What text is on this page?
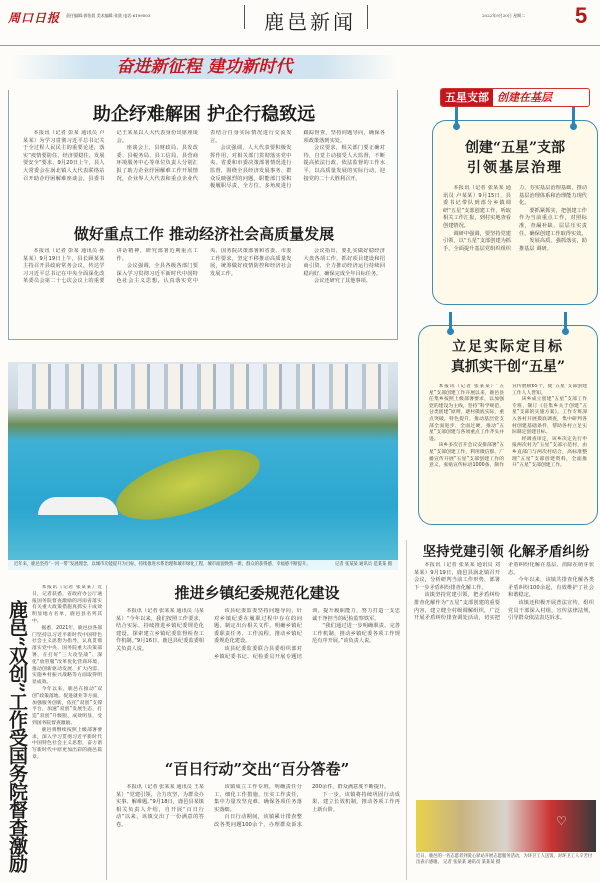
周口日报 责任编辑:郭怡晨 美术编辑:张贤 电话:6199503	鹿邑新闻	2022年9月20日 星期二 5
奋进新征程 建功新时代
助企纾难解困 护企行稳致远

本报讯（记者 彭某 通讯员 卢某某）为学习贯彻习近平总书记关于全过程人民民主的重要论述，落实“疫情要防住、经济要稳住、发展要安全”要求，9月20日上午，县人大常委会在涡北镇人大代表联络站召开助企纾困解难座谈会，县委书记王某某以人大代表身份出席座谈会。

座谈会上，县财政局、县发改委、县税务局、县工信局、县营商环境服务中心等单位负责人分别汇报了助力企业纾困解难工作开展情况，企业界人大代表和重点企业代表结合自身实际情况进行交流发言。

会议强调，人大代表要积极发挥作用，对相关部门贯彻落实党中央、省委和市委决策部署情况进行监督，围绕全县经济发展事务、群众反映强烈的问题，职能部门要积极履职尽责，全方位、多角度进行跟踪督查，坚持问题导向，确保各项政策落到实处。

会议要求，相关部门要正确对待，自觉主动接受人大监督，不断提高依法行政、依法监督的工作水平，以高质量发展的实际行动，迎接党的二十大胜利召开。

做好重点工作 推动经济社会高质量发展

本报讯（记者 彭某 通讯员 孙某某）9月19日上午，县长顾某某主持召开县政府常务会议，传达学习习近平总书记在中央全面深化改革委员会第二十七次会议上的重要讲话精神，研究部署近期重点工作。

会议强调，全县各级各部门要深入学习贯彻习近平新时代中国特色社会主义思想，认真落实党中央、国务院决策部署和省委、市委工作要求，坚定不移推动高质量发展，统筹做好疫情防控和经济社会发展工作。

会议指出，要扎实做好稳经济大盘各项工作，抓好项目建设和招商引资，全力推动经济运行持续回稳向好，确保完成全年目标任务。

会议还研究了其他事项。

近年来，鹿邑坚持“一河一带”发展理念，以城市功能提升为目标，持续推进水系治理和城市绿化工程，城市面貌焕然一新，群众的获得感、幸福感不断提升。	记者 张某某 通讯员 范某某 摄
五星支部 创建在基层
创建“五星”支部
引领基层治理

本报讯（记者 张某某 通讯员 卢某某）9月15日，县委书记带队到部分乡镇调研“五星”支部创建工作，听取相关工作汇报，到村实地查看创建情况。

调研中强调，要坚持党建引领，以“五星”支部创建为抓手，全面提升基层党组织组织力，夯实基层治理基础，推动基层治理体系和治理能力现代化。

要抓紧抓实，把创建工作作为当前重点工作，对照标准，查漏补缺，层层压实责任，确保创建工作取得实效。

发展高质，强抓落实，助推基层 调研。

立足实际定目标
真抓实干创“五星”

本报讯（记者 张某某）“五星”支部创建工作开展以来，鹿邑县任集乡按照上级部署要求，以加强党的建设为主线，坚持“科学规范、分类创建”原则，逐村摸底实际，重点突破，特色提升，推动基层党支部全面进步、全面过硬，推动“五星”支部创建与各项重点工作齐头并进。

该乡多次召开会议安排部署“五星”支部创建工作，利用微信群、广播宣传开展“五星”支部创建工作的意义，张贴宣传标语1000条，制作宣传展板65个，使“五星”支部创建工作人人皆知。

该乡成立创建“五星”支部工作专班，制订《任集乡关于创建“五星”支部的实施方案》。工作专班深入各村开展摸底调查，集中研判各村创建基础条件，帮助各村立足实际制定创建目标。

经调查审定，该乡决定先行申报两次村为“五星”支部示范村，由乡直部门与两次村结合，高标准整理“五星”支部创建资料，全面推开“五星”支部创建工作。

坚持党建引领 化解矛盾纠纷

本报讯（记者 张某某 通讯员 刘某某）9月19日，鹿邑县涡北镇召开会议，分析研判当前工作形势，部署下一步矛盾纠纷排查化解工作。

该镇坚持党建引领，把矛盾纠纷排查化解作为“五星”支部创建的重要内容，建立健全村级调解组织，广泛开展矛盾纠纷排查调处活动，切实把矛盾纠纷化解在基层、消除在萌芽状态。

今年以来，该镇共排查化解各类矛盾纠纷100余起，有效维护了社会和谐稳定。

该镇还积极开展普法宣传，组织党员干部深入村组，宣传法律法规，引导群众依法表达诉求。

♡
近日，鹿邑的一名志愿者到爱心驿站开展志愿服务活动，为环卫工人送饭，对环卫工人辛苦付出表示感谢。 记者 张某某 通讯员 某某某 摄
鹿邑“双创”工作受国务院督查激励

本报讯（记者 张某某）近日，记者获悉，省政府办公厅通报国务院督查激励的河南省落实有关重大政策措施真抓实干成效明显地方名单，鹿邑县名列其中。

据悉，2021年，鹿邑县各部门坚持以习近平新时代中国特色社会主义思想为指导，认真贯彻落实党中央、国务院重大决策部署，在打好“三大攻坚战”、深化“放管服”改革优化营商环境、推动创新驱动发展、扩大内需、实施乡村振兴战略等方面取得明显成效。

今年以来，鹿邑在推动“双创”政策落地、促进就业等方面，加强服务创新，依托“双创”支撑平台，加速“双创”发展生态，打造“双创”升级版，成效明显，受到国务院督查激励。

鹿邑将继续按照上级部署要求，深入学习贯彻习近平新时代中国特色社会主义思想，奋力谱写新时代中原更加出彩的鹿邑篇章。

推进乡镇纪委规范化建设

本报讯（记者 张某某 通讯员 马某某）“今年以来，我们按照工作要求，结合实际，持续推进乡镇纪委规范化建设，探索建立乡镇纪委监督检查工作机制。”9月16日，鹿邑县纪委监委相关负责人说。

该县纪委监委坚持问题导向，针对乡镇纪委在履职过程中存在的问题，制定出台相关文件，明确乡镇纪委职责任务、工作流程，推动乡镇纪委规范化建设。

该县纪委监委联合县委组织部对乡镇纪委书记、纪检委员开展专题培训，提升履职能力，努力打造一支忠诚干净担当的纪检监察铁军。

“我们通过进一步明确职责，完善工作机制，推动乡镇纪委各项工作规范有序开展。”该负责人说。

“百日行动”交出“百分答卷”

本报讯（记者 张某某 通讯员 王某某）“党建引领，合力攻坚，为群众办实事、解难题。”9月18日，鹿邑县某镇相关负责人介绍，自开展“百日行动”以来，该镇交出了一份满意的答卷。

该镇成立工作专班，明确责任分工，细化工作措施，压实工作责任，集中力量攻坚克难，确保各项任务落实落细。

百日行动期间，该镇累计排查整改各类问题100余个，办理群众诉求200余件，群众满意度不断提升。

下一步，该镇将持续巩固行动成果，建立长效机制，推动各项工作再上新台阶。
